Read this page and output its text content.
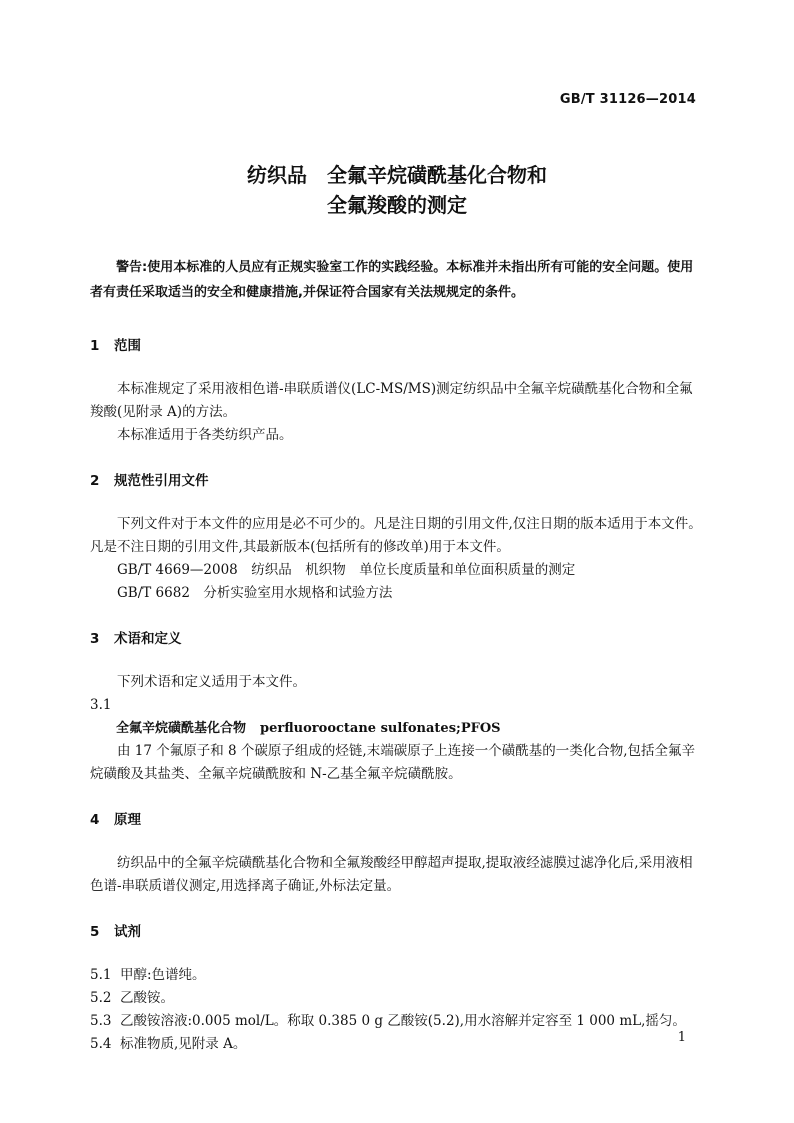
GB/T 31126—2014
纺织品　全氟辛烷磺酰基化合物和
全氟羧酸的测定

警告:使用本标准的人员应有正规实验室工作的实践经验。本标准并未指出所有可能的安全问题。使用者有责任采取适当的安全和健康措施,并保证符合国家有关法规规定的条件。

1 范围

本标准规定了采用液相色谱-串联质谱仪(LC-MS/MS)测定纺织品中全氟辛烷磺酰基化合物和全氟羧酸(见附录 A)的方法。

本标准适用于各类纺织产品。

2 规范性引用文件

下列文件对于本文件的应用是必不可少的。凡是注日期的引用文件,仅注日期的版本适用于本文件。凡是不注日期的引用文件,其最新版本(包括所有的修改单)用于本文件。

GB/T 4669—2008　纺织品　机织物　单位长度质量和单位面积质量的测定

GB/T 6682　分析实验室用水规格和试验方法

3 术语和定义

下列术语和定义适用于本文件。

3.1

全氟辛烷磺酰基化合物 perfluorooctane sulfonates;PFOS

由 17 个氟原子和 8 个碳原子组成的烃链,末端碳原子上连接一个磺酰基的一类化合物,包括全氟辛烷磺酸及其盐类、全氟辛烷磺酰胺和 N-乙基全氟辛烷磺酰胺。

4 原理

纺织品中的全氟辛烷磺酰基化合物和全氟羧酸经甲醇超声提取,提取液经滤膜过滤净化后,采用液相色谱-串联质谱仪测定,用选择离子确证,外标法定量。

5 试剂

5.1 甲醇:色谱纯。

5.2 乙酸铵。

5.3 乙酸铵溶液:0.005 mol/L。称取 0.385 0 g 乙酸铵(5.2),用水溶解并定容至 1 000 mL,摇匀。

5.4 标准物质,见附录 A。	1
